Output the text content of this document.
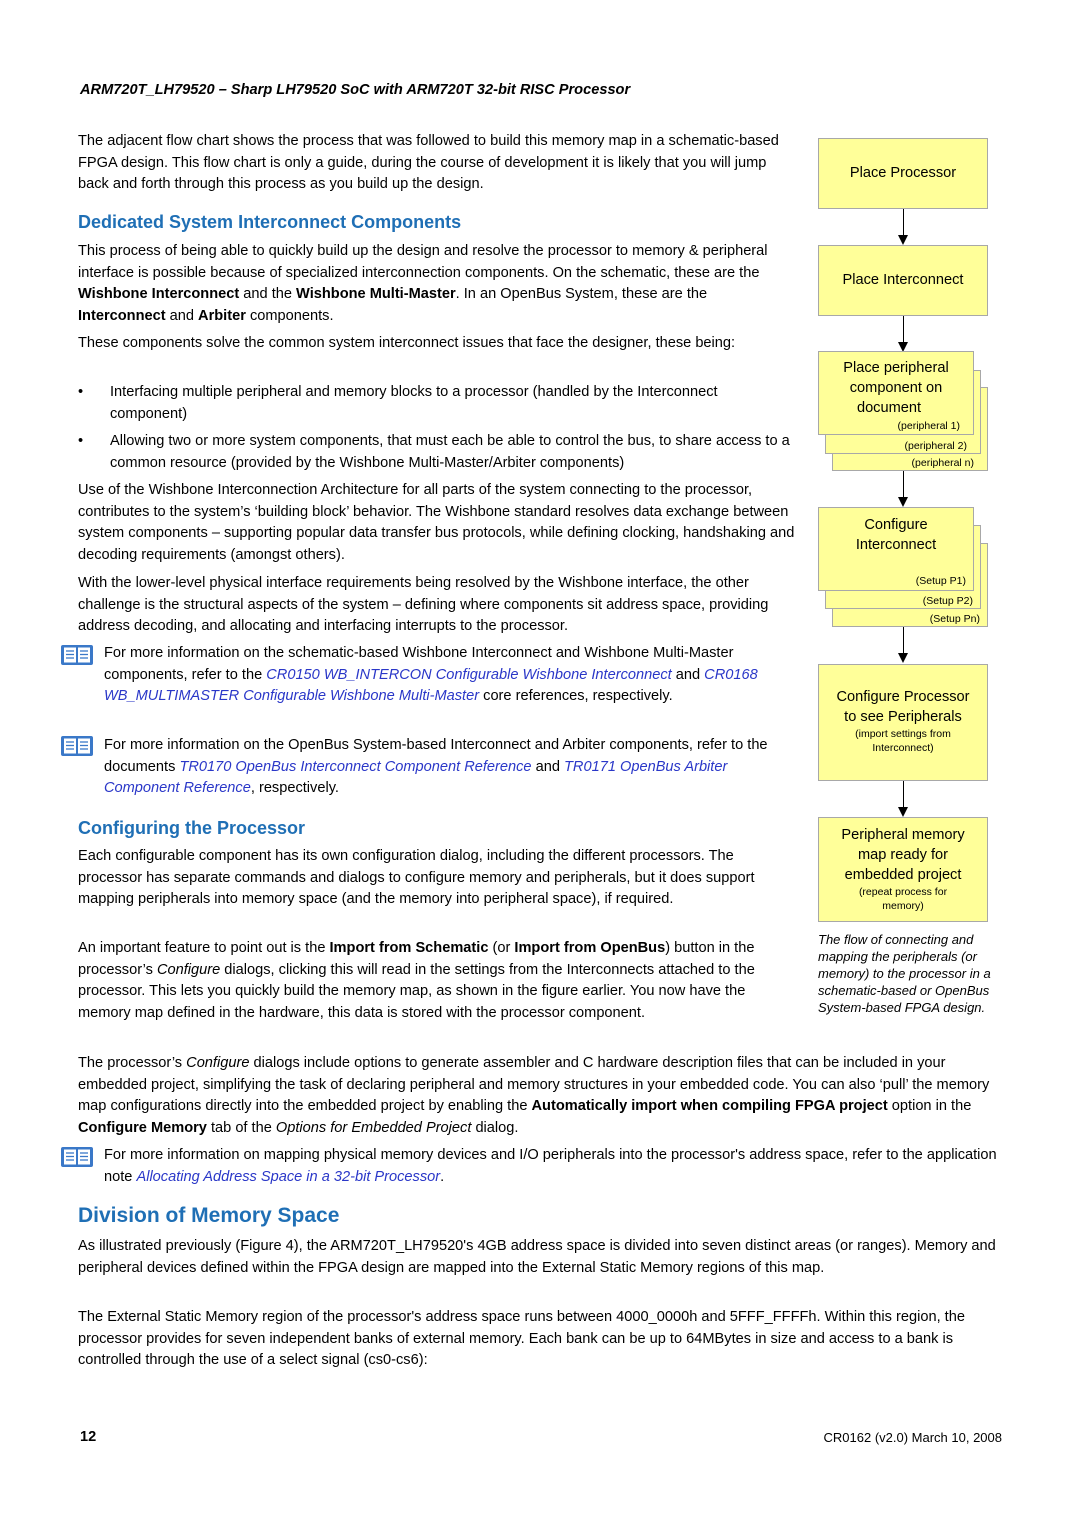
ARM720T_LH79520 – Sharp LH79520 SoC with ARM720T 32-bit RISC Processor

The adjacent flow chart shows the process that was followed to build this memory map in a schematic-based FPGA design. This flow chart is only a guide, during the course of development it is likely that you will jump back and forth through this process as you build up the design.

Dedicated System Interconnect Components

This process of being able to quickly build up the design and resolve the processor to memory & peripheral interface is possible because of specialized interconnection components. On the schematic, these are the Wishbone Interconnect and the Wishbone Multi-Master. In an OpenBus System, these are the Interconnect and Arbiter components.

These components solve the common system interconnect issues that face the designer, these being:

• Interfacing multiple peripheral and memory blocks to a processor (handled by the Interconnect component)
• Allowing two or more system components, that must each be able to control the bus, to share access to a common resource (provided by the Wishbone Multi-Master/Arbiter components)

Use of the Wishbone Interconnection Architecture for all parts of the system connecting to the processor, contributes to the system’s ‘building block’ behavior. The Wishbone standard resolves data exchange between system components – supporting popular data transfer bus protocols, while defining clocking, handshaking and decoding requirements (amongst others).

With the lower-level physical interface requirements being resolved by the Wishbone interface, the other challenge is the structural aspects of the system – defining where components sit address space, providing address decoding, and allocating and interfacing interrupts to the processor.

For more information on the schematic-based Wishbone Interconnect and Wishbone Multi-Master components, refer to the CR0150 WB_INTERCON Configurable Wishbone Interconnect and CR0168 WB_MULTIMASTER Configurable Wishbone Multi-Master core references, respectively.

For more information on the OpenBus System-based Interconnect and Arbiter components, refer to the documents TR0170 OpenBus Interconnect Component Reference and TR0171 OpenBus Arbiter Component Reference, respectively.

Configuring the Processor

Each configurable component has its own configuration dialog, including the different processors. The processor has separate commands and dialogs to configure memory and peripherals, but it does support mapping peripherals into memory space (and the memory into peripheral space), if required.

An important feature to point out is the Import from Schematic (or Import from OpenBus) button in the processor’s Configure dialogs, clicking this will read in the settings from the Interconnects attached to the processor. This lets you quickly build the memory map, as shown in the figure earlier. You now have the memory map defined in the hardware, this data is stored with the processor component.

The processor’s Configure dialogs include options to generate assembler and C hardware description files that can be included in your embedded project, simplifying the task of declaring peripheral and memory structures in your embedded code. You can also ‘pull’ the memory map configurations directly into the embedded project by enabling the Automatically import when compiling FPGA project option in the Configure Memory tab of the Options for Embedded Project dialog.

For more information on mapping physical memory devices and I/O peripherals into the processor's address space, refer to the application note Allocating Address Space in a 32-bit Processor.

Division of Memory Space

As illustrated previously (Figure 4), the ARM720T_LH79520's 4GB address space is divided into seven distinct areas (or ranges). Memory and peripheral devices defined within the FPGA design are mapped into the External Static Memory regions of this map.

The External Static Memory region of the processor's address space runs between 4000_0000h and 5FFF_FFFFh. Within this region, the processor provides for seven independent banks of external memory. Each bank can be up to 64MBytes in size and access to a bank is controlled through the use of a select signal (cs0-cs6):

12	CR0162 (v2.0) March 10, 2008
Place Processor
Place Interconnect
Place peripheral
component on
document
(peripheral 1)
(peripheral 2)
(peripheral n)
Configure
Interconnect
(Setup P1)
(Setup P2)
(Setup Pn)
Configure Processor
to see Peripherals
(import settings from
Interconnect)
Peripheral memory
map ready for
embedded project
(repeat process for
memory)
The flow of connecting and mapping the peripherals (or memory) to the processor in a schematic-based or OpenBus System-based FPGA design.
